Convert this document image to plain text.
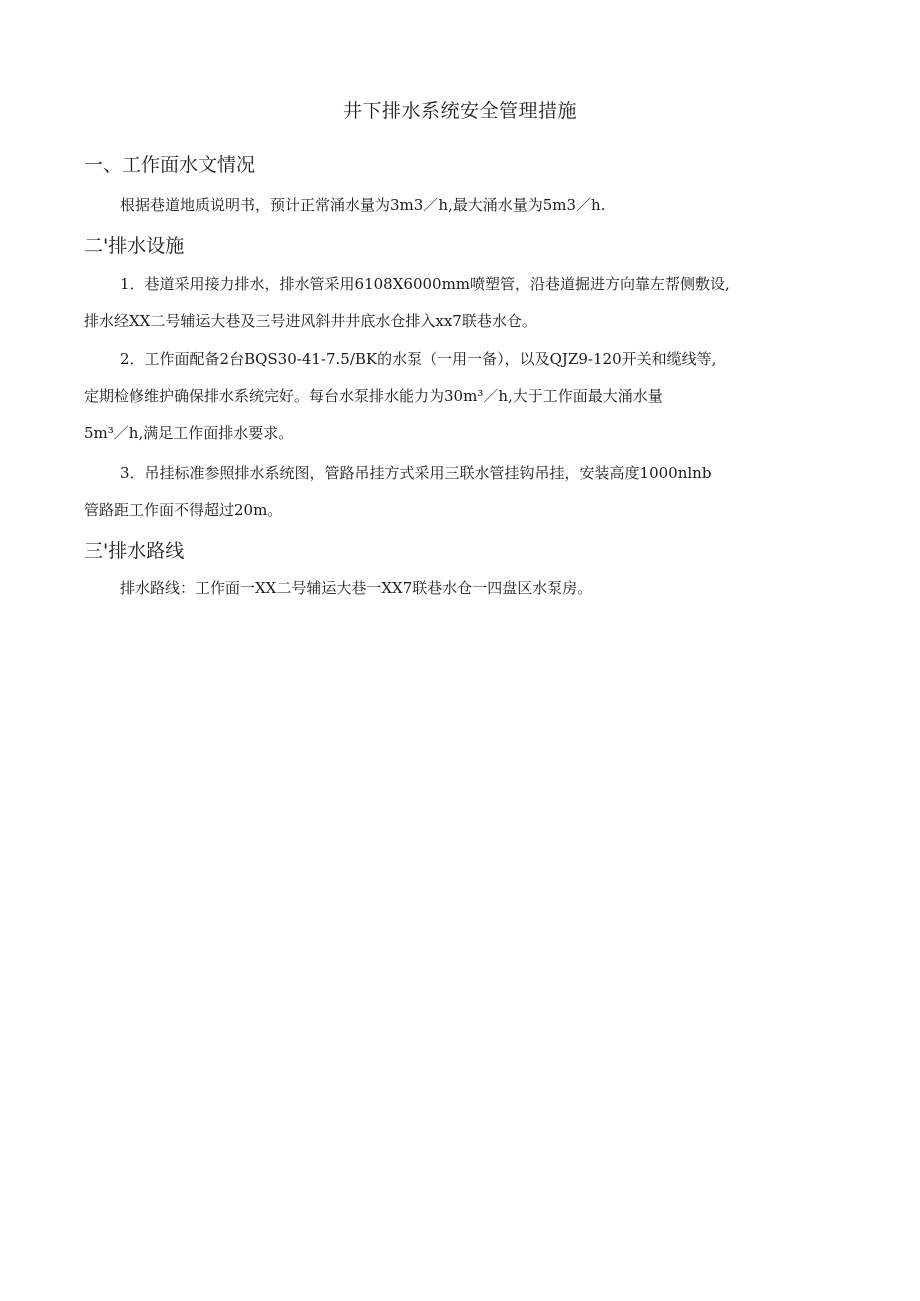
井下排水系统安全管理措施
一、工作面水文情况
根据巷道地质说明书，预计正常涌水量为3m3／h,最大涌水量为5m3／h.
二'排水设施
1．巷道采用接力排水，排水管采用6108X6000mm喷塑管，沿巷道掘进方向靠左帮侧敷设,
排水经XX二号辅运大巷及三号进风斜井井底水仓排入xx7联巷水仓。
2．工作面配备2台BQS30-41-7.5/BK的水泵（一用一备），以及QJZ9-120开关和缆线等,
定期检修维护确保排水系统完好。每台水泵排水能力为30m³／h,大于工作面最大涌水量
5m³／h,满足工作面排水要求。
3．吊挂标准参照排水系统图，管路吊挂方式采用三联水管挂钩吊挂，安装高度1000nlnb
管路距工作面不得超过20m。
三'排水路线
排水路线：工作面一XX二号辅运大巷一XX7联巷水仓一四盘区水泵房。
